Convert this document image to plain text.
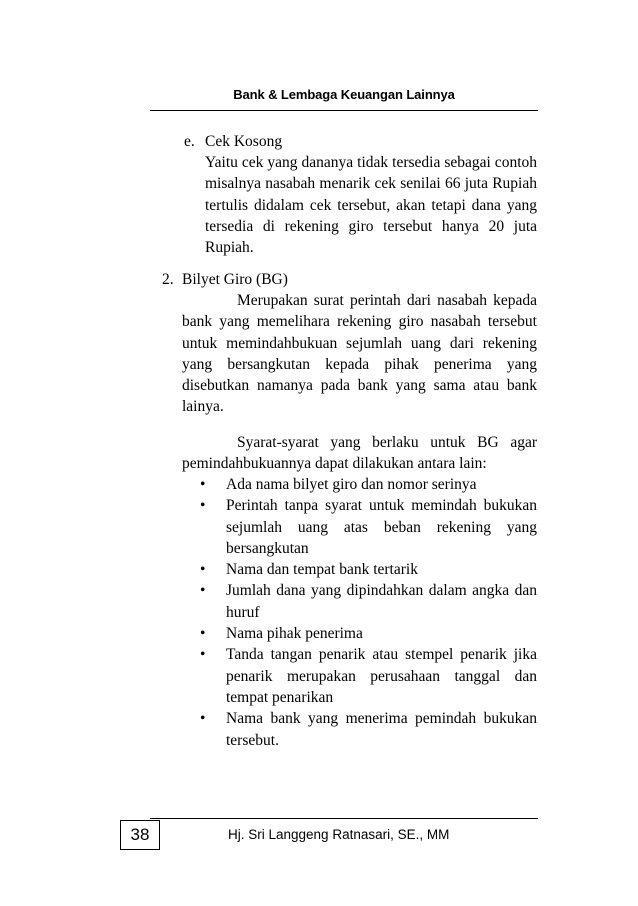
Bank & Lembaga Keuangan Lainnya
e. Cek Kosong
Yaitu cek yang dananya tidak tersedia sebagai contoh misalnya nasabah menarik cek senilai 66 juta Rupiah tertulis didalam cek tersebut, akan tetapi dana yang tersedia di rekening giro tersebut hanya 20 juta Rupiah.
2. Bilyet Giro (BG)
Merupakan surat perintah dari nasabah kepada bank yang memelihara rekening giro nasabah tersebut untuk memindahbukuan sejumlah uang dari rekening yang bersangkutan kepada pihak penerima yang disebutkan namanya pada bank yang sama atau bank lainya.
Syarat-syarat yang berlaku untuk BG agar pemindahbukuannya dapat dilakukan antara lain:
• Ada nama bilyet giro dan nomor serinya
• Perintah tanpa syarat untuk memindah bukukan sejumlah uang atas beban rekening yang bersangkutan
• Nama dan tempat bank tertarik
• Jumlah dana yang dipindahkan dalam angka dan huruf
• Nama pihak penerima
• Tanda tangan penarik atau stempel penarik jika penarik merupakan perusahaan tanggal dan tempat penarikan
• Nama bank yang menerima pemindah bukukan tersebut.
38	Hj. Sri Langgeng Ratnasari, SE., MM
